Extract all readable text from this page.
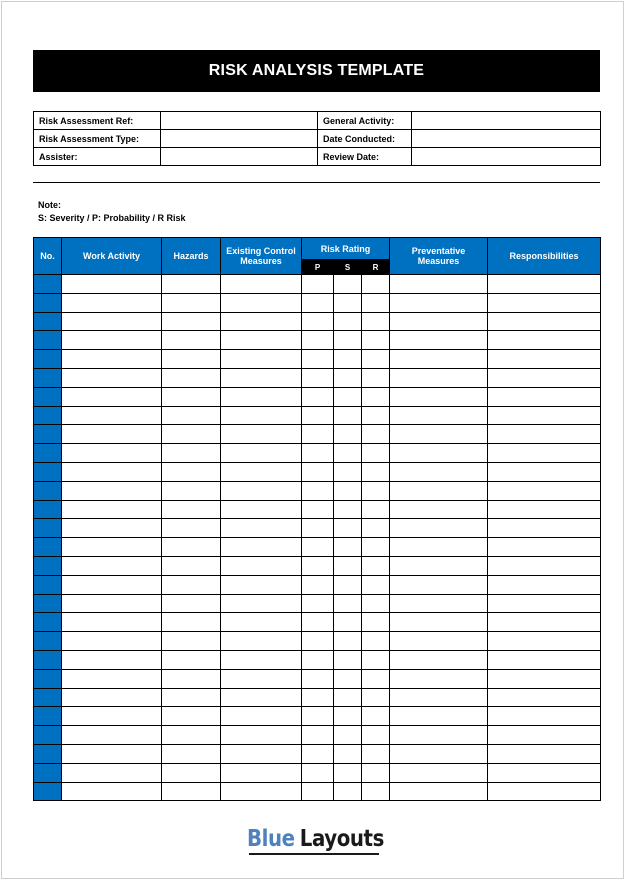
RISK ANALYSIS TEMPLATE
Risk Assessment Ref:		General Activity:	
Risk Assessment Type:		Date Conducted:	
Assister:		Review Date:	
Note:
S: Severity / P: Probability / R Risk
No.	Work Activity	Hazards	Existing Control Measures	Risk Rating			Preventative Measures	Responsibilities
				P	S	R		

Blue Layouts
